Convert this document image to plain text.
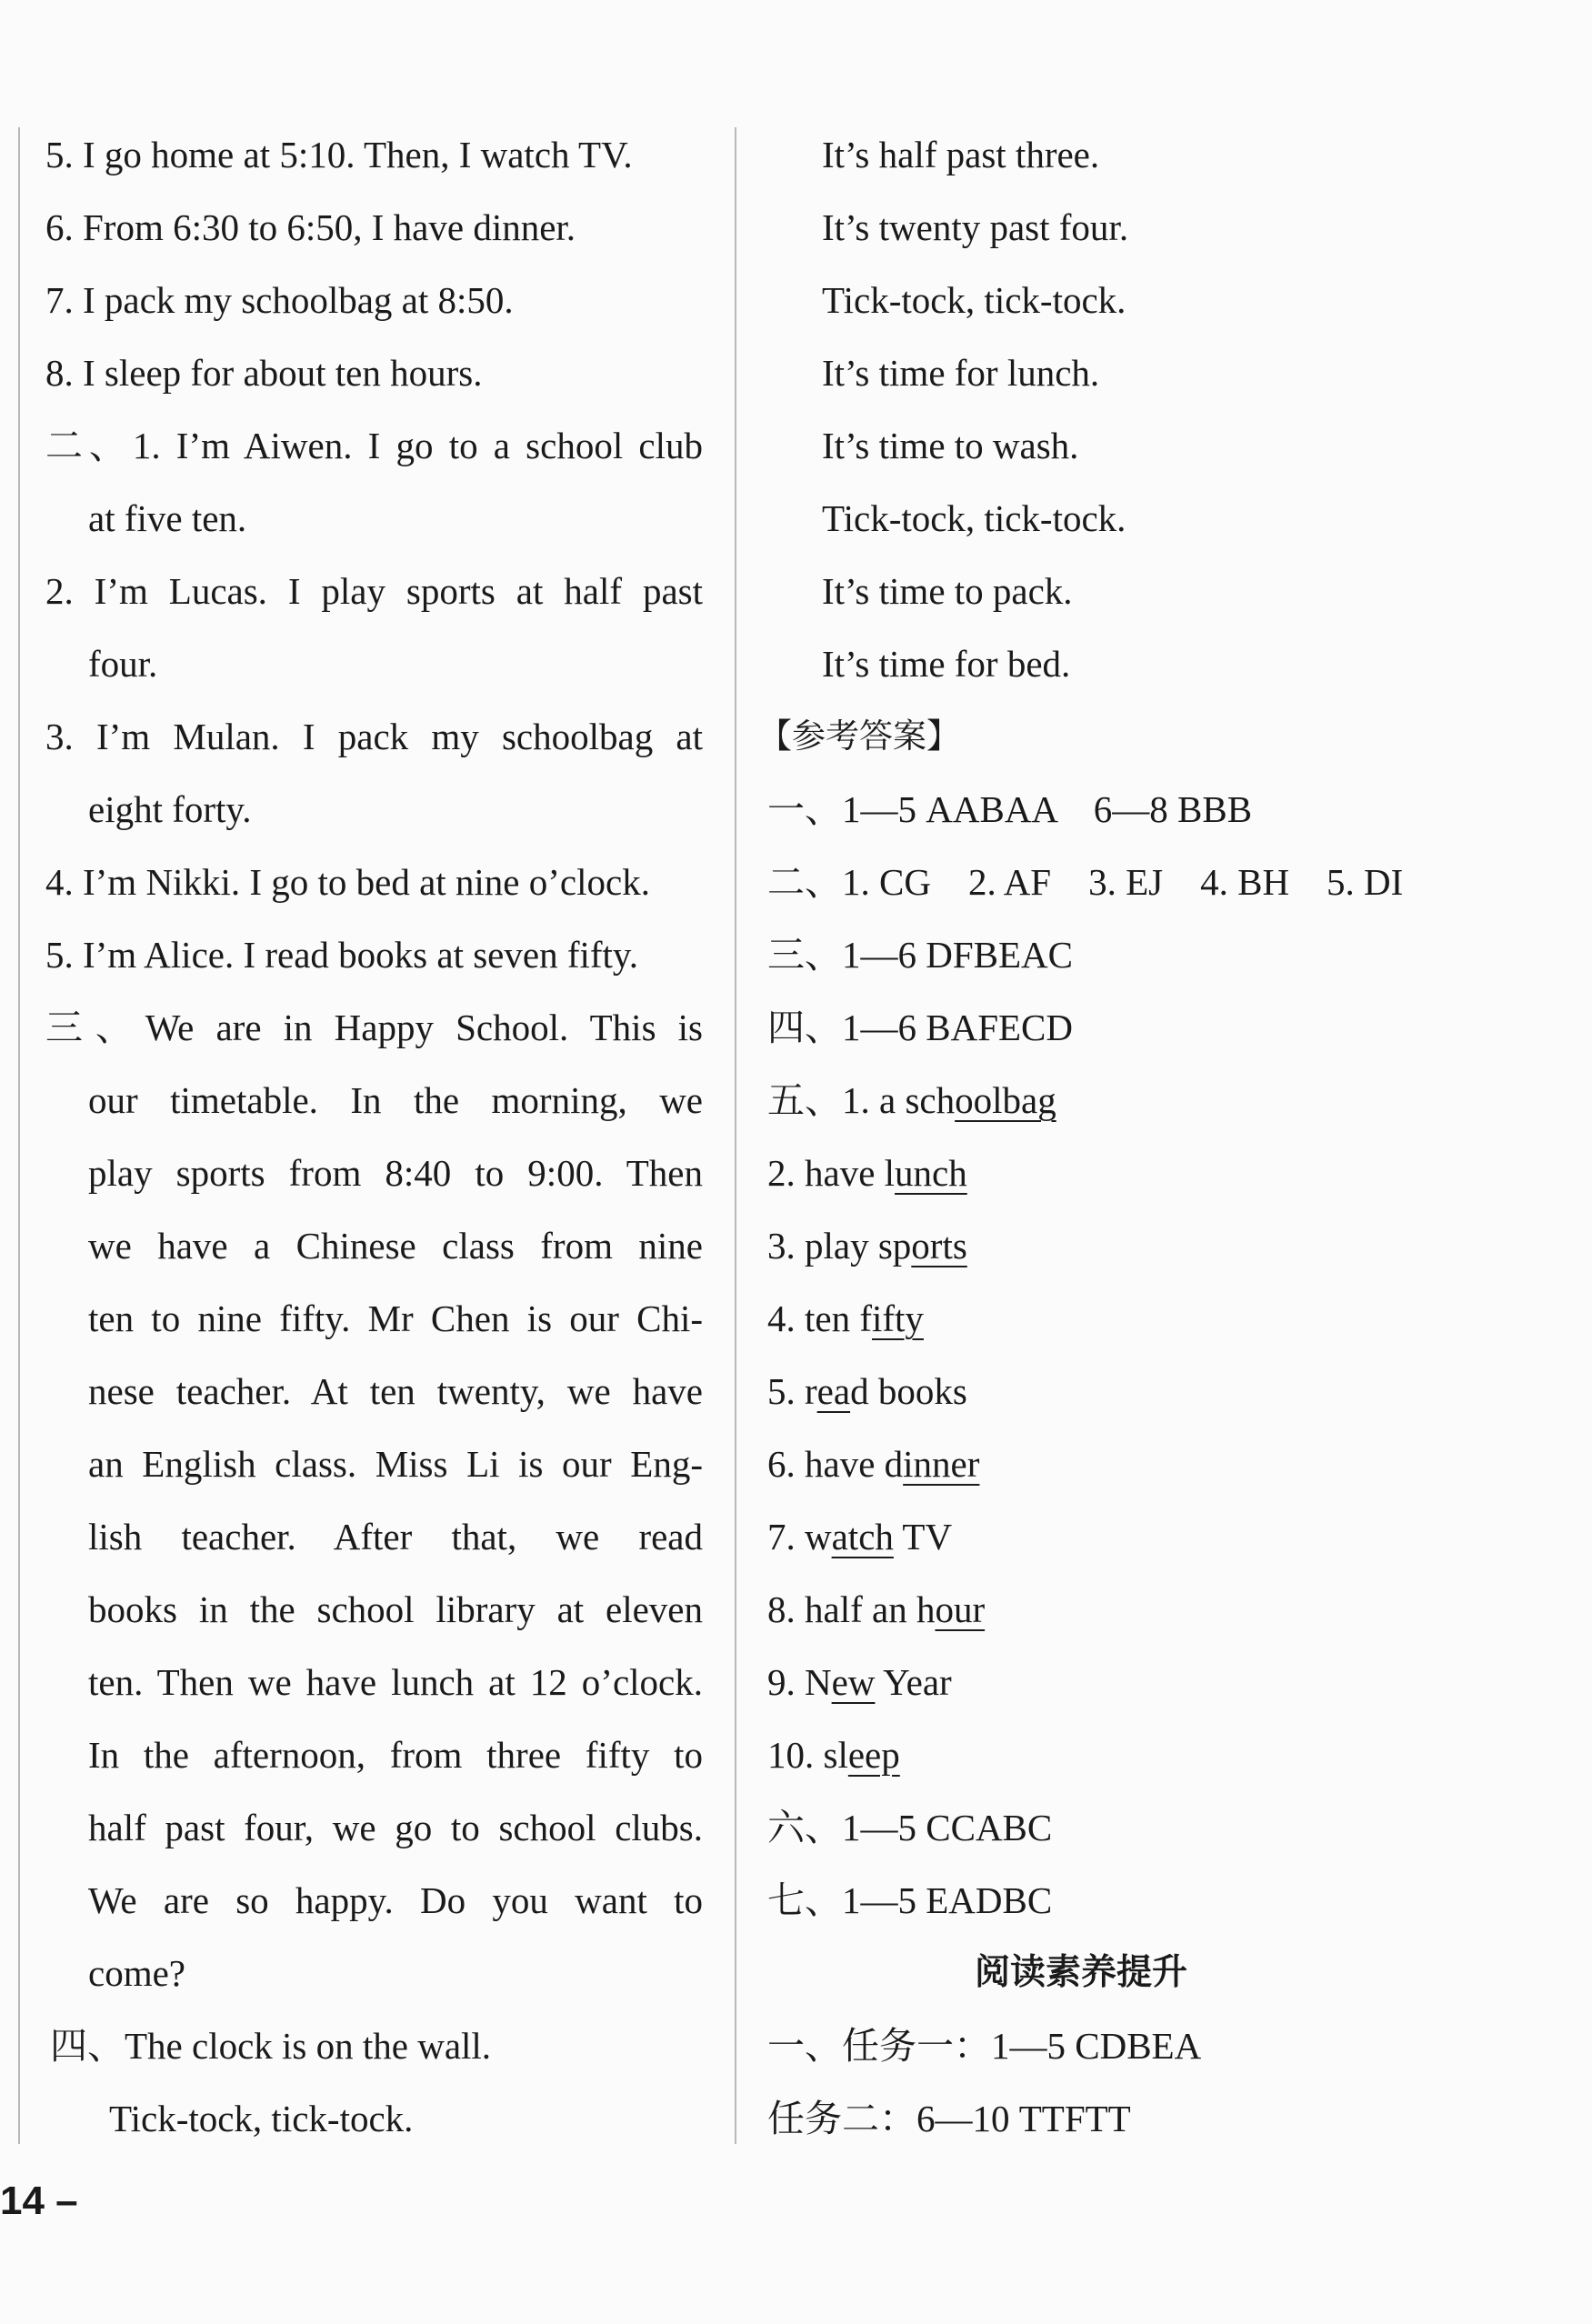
5. I go home at 5:10. Then, I watch TV.
6. From 6:30 to 6:50, I have dinner.
7. I pack my schoolbag at 8:50.
8. I sleep for about ten hours.
二、1. I’m Aiwen. I go to a school club
at five ten.
2. I’m Lucas. I play sports at half past
four.
3. I’m Mulan. I pack my schoolbag at
eight forty.
4. I’m Nikki. I go to bed at nine o’clock.
5. I’m Alice. I read books at seven fifty.
三、We are in Happy School. This is
our timetable. In the morning, we
play sports from 8:40 to 9:00. Then
we have a Chinese class from nine
ten to nine fifty. Mr Chen is our Chi-
nese teacher. At ten twenty, we have
an English class. Miss Li is our Eng-
lish teacher. After that, we read
books in the school library at eleven
ten. Then we have lunch at 12 o’clock.
In the afternoon, from three fifty to
half past four, we go to school clubs.
We are so happy. Do you want to
come?
四、The clock is on the wall.
Tick-tock, tick-tock.
It’s half past three.
It’s twenty past four.
Tick-tock, tick-tock.
It’s time for lunch.
It’s time to wash.
Tick-tock, tick-tock.
It’s time to pack.
It’s time for bed.
【参考答案】
一、1—5 AABAA    6—8 BBB
二、1. CG    2. AF    3. EJ    4. BH    5. DI
三、1—6 DFBEAC
四、1—6 BAFECD
五、1. a schoolbag
2. have lunch
3. play sports
4. ten fifty
5. read books
6. have dinner
7. watch TV
8. half an hour
9. New Year
10. sleep
六、1—5 CCABC
七、1—5 EADBC
阅读素养提升
一、任务一：1—5 CDBEA
任务二：6—10 TTFTT
14 –
